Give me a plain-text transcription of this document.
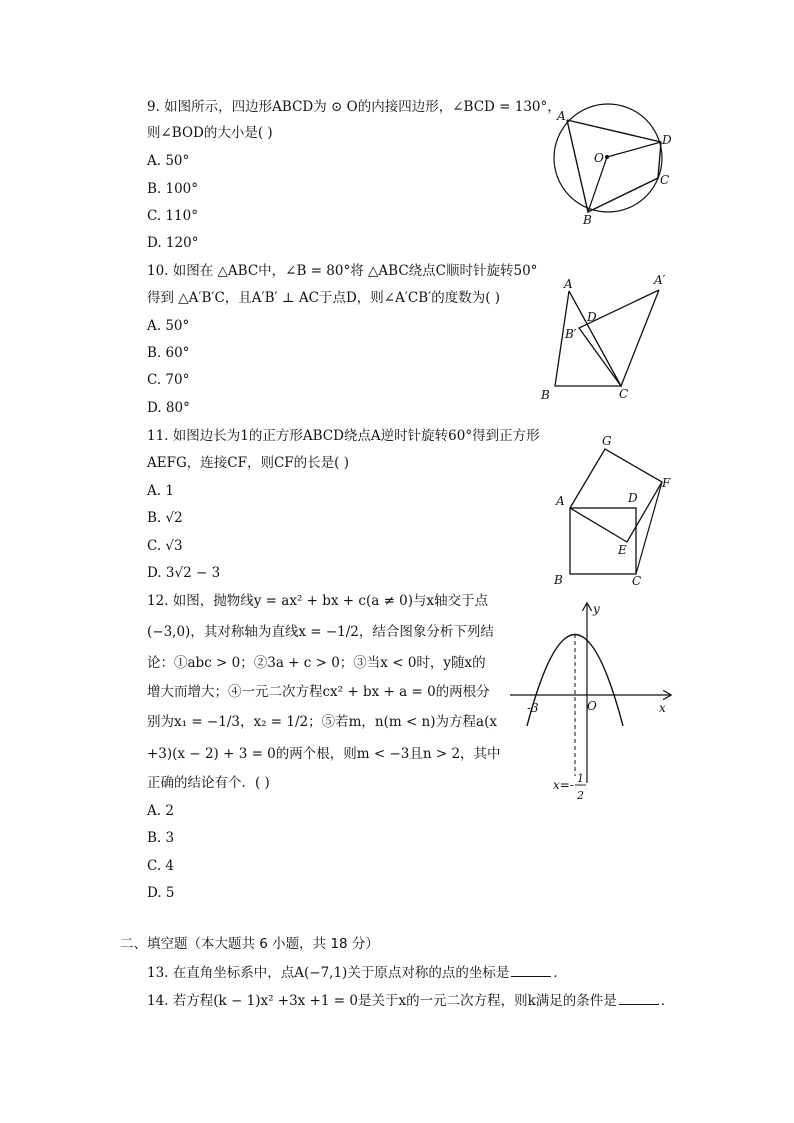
9. 如图所示，四边形ABCD为 ⊙ O的内接四边形，∠BCD = 130°，
则∠BOD的大小是( )
A. 50°
B. 100°
C. 110°
D. 120°
A
D
C
B
O
10. 如图在 △ABC中，∠B = 80°将 △ABC绕点C顺时针旋转50°
得到 △A′B′C，且A′B′ ⊥ AC于点D，则∠A′CB′的度数为( )
A. 50°
B. 60°
C. 70°
D. 80°
A	A′
D
B′
B	C
11. 如图边长为1的正方形ABCD绕点A逆时针旋转60°得到正方形
AEFG，连接CF，则CF的长是( )
A. 1
B. √2
C. √3
D. 3√2 − 3
G
F
D
A
E
B	C
12. 如图，抛物线y = ax² + bx + c(a ≠ 0)与x轴交于点
(−3,0)，其对称轴为直线x = −1/2，结合图象分析下列结
论：①abc > 0；②3a + c > 0；③当x < 0时，y随x的
增大而增大；④一元二次方程cx² + bx + a = 0的两根分
别为x₁ = −1/3，x₂ = 1/2；⑤若m，n(m < n)为方程a(x
+3)(x − 2) + 3 = 0的两个根，则m < −3且n > 2，其中
正确的结论有个．( )
A. 2
B. 3
C. 4
D. 5
y
x
O
-3
x=- 1
2
二、填空题（本大题共 6 小题，共 18 分）
13. 在直角坐标系中，点A(−7,1)关于原点对称的点的坐标是	．
14. 若方程(k − 1)x² +3x +1 = 0是关于x的一元二次方程，则k满足的条件是	．
